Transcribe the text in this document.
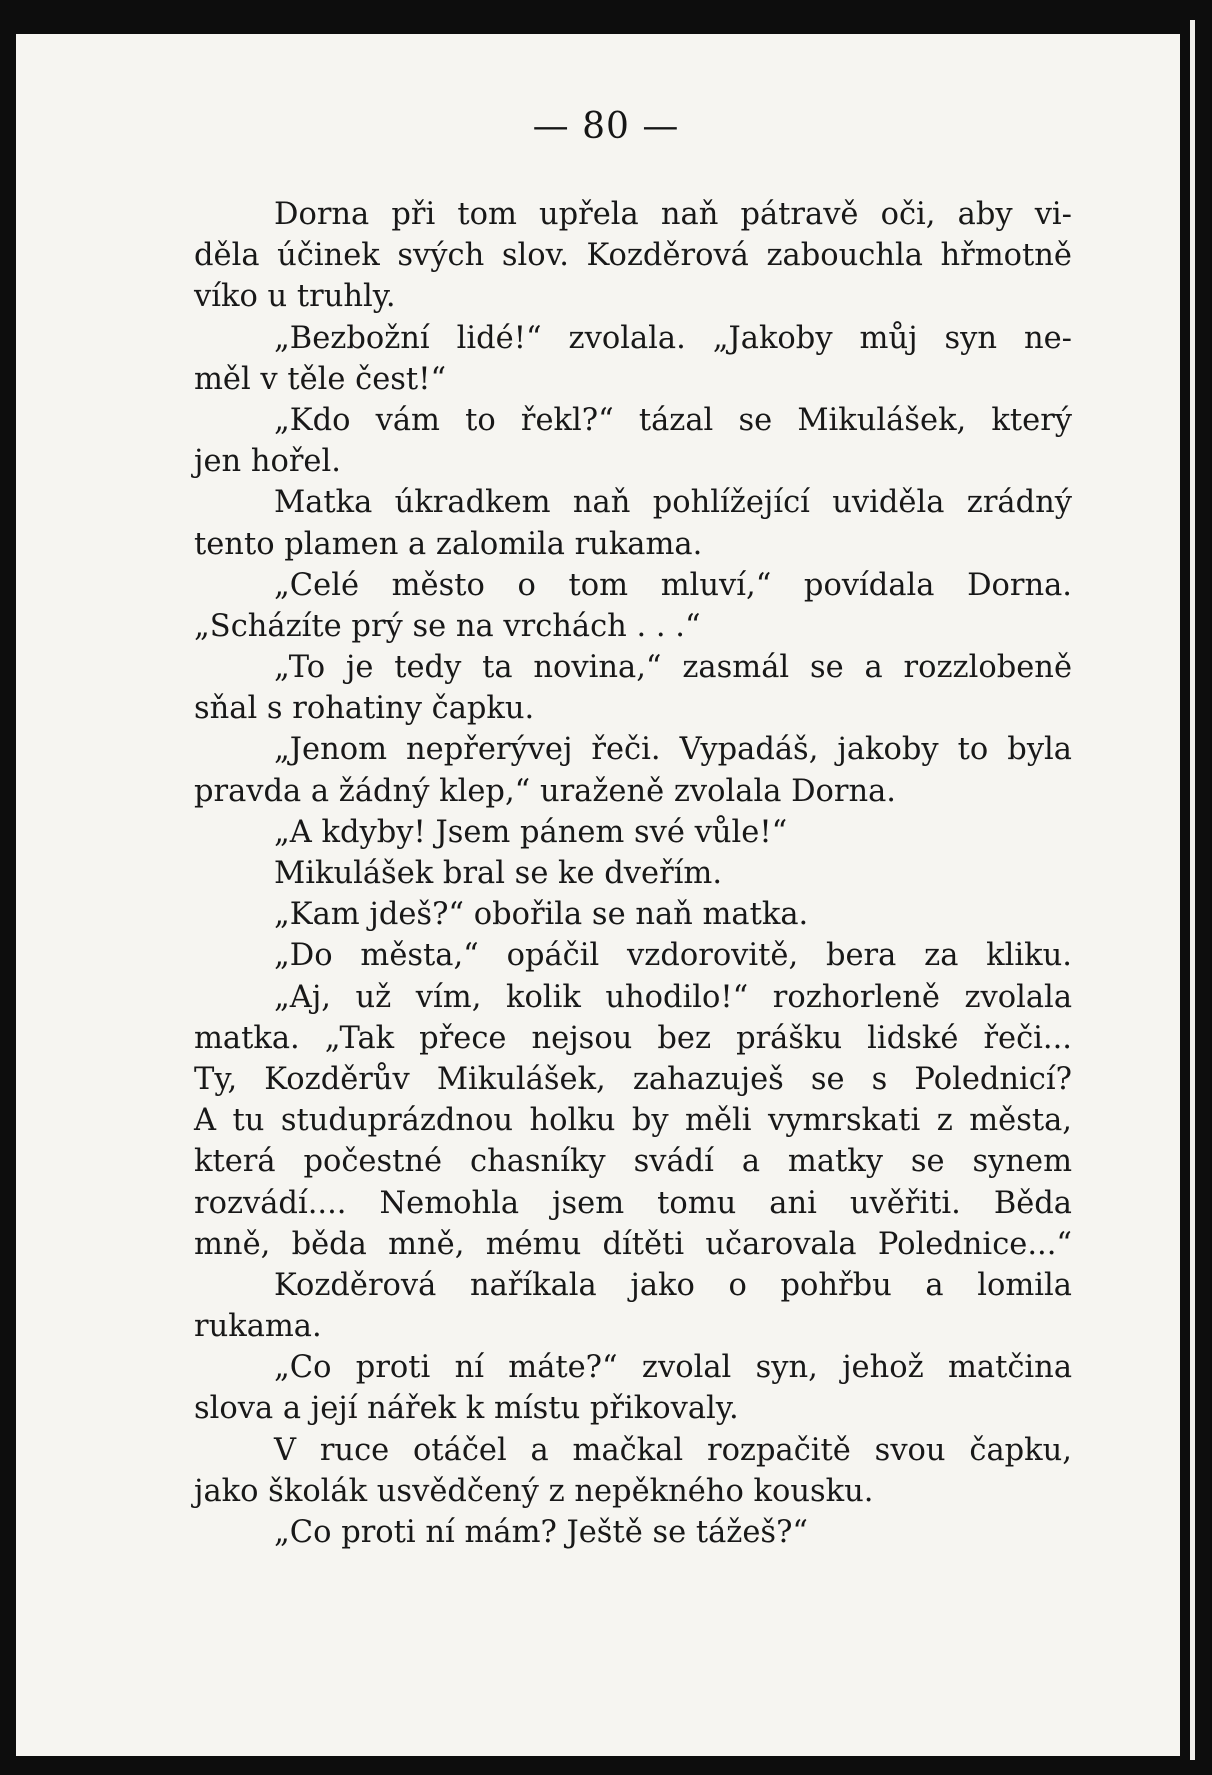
— 80 —
Dorna při tom upřela naň pátravě oči, aby vi-
děla účinek svých slov. Kozděrová zabouchla hřmotně
víko u truhly.
„Bezbožní lidé!“ zvolala. „Jakoby můj syn ne-
měl v těle čest!“
„Kdo vám to řekl?“ tázal se Mikulášek, který
jen hořel.
Matka úkradkem naň pohlížející uviděla zrádný
tento plamen a zalomila rukama.
„Celé město o tom mluví,“ povídala Dorna.
„Scházíte prý se na vrchách . . .“
„To je tedy ta novina,“ zasmál se a rozzlobeně
sňal s rohatiny čapku.
„Jenom nepřerývej řeči. Vypadáš, jakoby to byla
pravda a žádný klep,“ uraženě zvolala Dorna.
„A kdyby! Jsem pánem své vůle!“
Mikulášek bral se ke dveřím.
„Kam jdeš?“ obořila se naň matka.
„Do města,“ opáčil vzdorovitě, bera za kliku.
„Aj, už vím, kolik uhodilo!“ rozhorleně zvolala
matka. „Tak přece nejsou bez prášku lidské řeči...
Ty, Kozděrův Mikulášek, zahazuješ se s Polednicí?
A tu studuprázdnou holku by měli vymrskati z města,
která počestné chasníky svádí a matky se synem
rozvádí.... Nemohla jsem tomu ani uvěřiti. Běda
mně, běda mně, mému dítěti učarovala Polednice...“
Kozděrová naříkala jako o pohřbu a lomila
rukama.
„Co proti ní máte?“ zvolal syn, jehož matčina
slova a její nářek k místu přikovaly.
V ruce otáčel a mačkal rozpačitě svou čapku,
jako školák usvědčený z nepěkného kousku.
„Co proti ní mám? Ještě se tážeš?“
